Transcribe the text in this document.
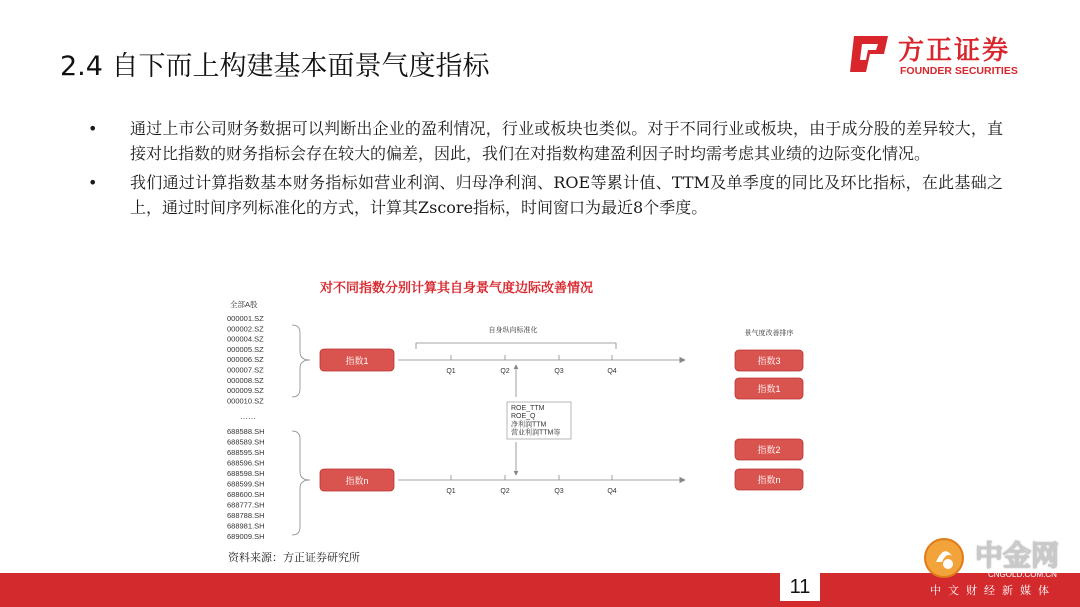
2.4 自下而上构建基本面景气度指标	方正证券
FOUNDER SECURITIES
• 通过上市公司财务数据可以判断出企业的盈利情况，行业或板块也类似。对于不同行业或板块，由于成分股的差异较大，直接对比指数的财务指标会存在较大的偏差，因此，我们在对指数构建盈利因子时均需考虑其业绩的边际变化情况。
• 我们通过计算指数基本财务指标如营业利润、归母净利润、ROE等累计值、TTM及单季度的同比及环比指标，在此基础之上，通过时间序列标准化的方式，计算其Zscore指标，时间窗口为最近8个季度。
对不同指数分别计算其自身景气度边际改善情况
全部A股
000001.SZ
000002.SZ
000004.SZ
000005.SZ
000006.SZ
000007.SZ
000008.SZ
000009.SZ
000010.SZ
……
688588.SH
688589.SH
688595.SH
688596.SH
688598.SH
688599.SH
688600.SH
688777.SH
688788.SH
688981.SH
689009.SH
指数1
指数n
自身纵向标准化
Q1	Q2	Q3	Q4
Q1	Q2	Q3	Q4
ROE_TTM
ROE_Q
净利润TTM
营业利润TTM等
景气度改善排序
指数3
指数1
指数2
指数n
资料来源：方正证券研究所
11
中金网
CNGOLD.COM.CN
中文财经新媒体
